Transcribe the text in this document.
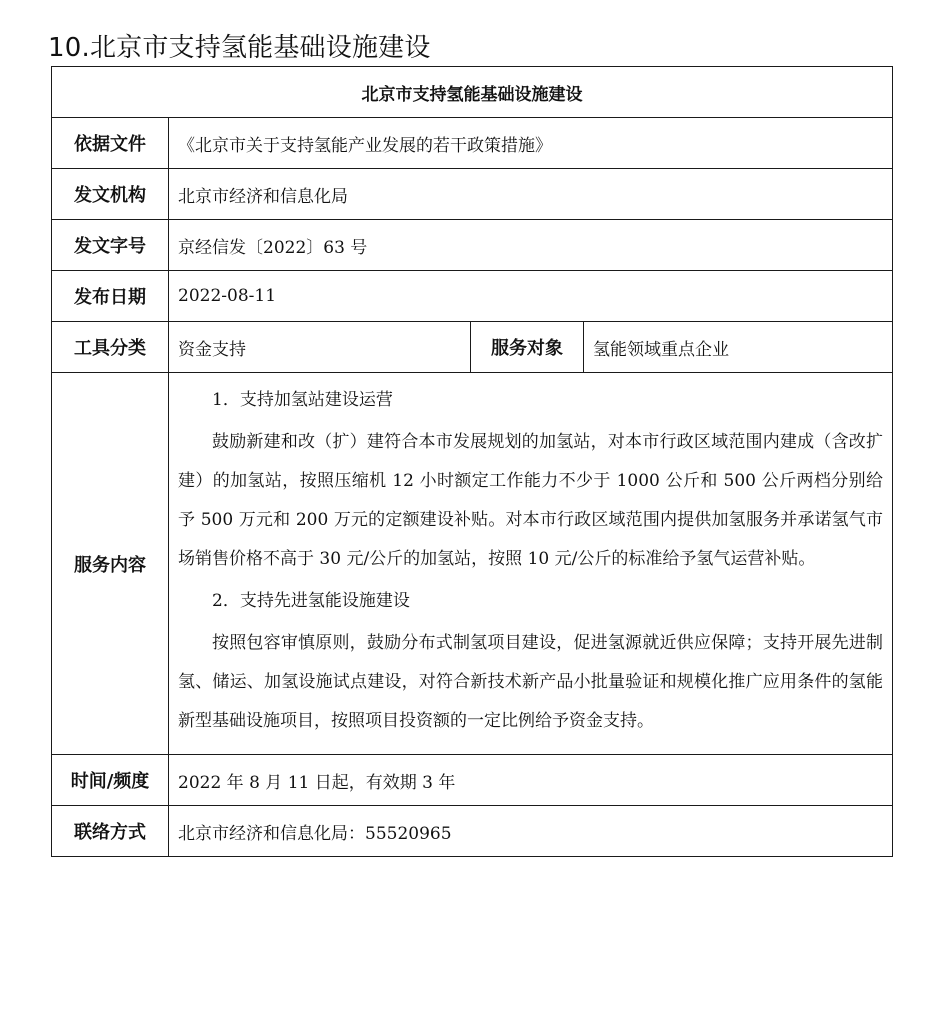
10.北京市支持氢能基础设施建设
北京市支持氢能基础设施建设			
依据文件	《北京市关于支持氢能产业发展的若干政策措施》		
发文机构	北京市经济和信息化局		
发文字号	京经信发〔2022〕63 号		
发布日期	2022-08-11		
工具分类	资金支持	服务对象	氢能领域重点企业
服务内容	1．支持加氢站建设运营

鼓励新建和改（扩）建符合本市发展规划的加氢站，对本市行政区域范围内建成（含改扩建）的加氢站，按照压缩机 12 小时额定工作能力不少于 1000 公斤和 500 公斤两档分别给予 500 万元和 200 万元的定额建设补贴。对本市行政区域范围内提供加氢服务并承诺氢气市场销售价格不高于 30 元/公斤的加氢站，按照 10 元/公斤的标准给予氢气运营补贴。

2．支持先进氢能设施建设

按照包容审慎原则，鼓励分布式制氢项目建设，促进氢源就近供应保障；支持开展先进制氢、储运、加氢设施试点建设，对符合新技术新产品小批量验证和规模化推广应用条件的氢能新型基础设施项目，按照项目投资额的一定比例给予资金支持。		

时间/频度	2022 年 8 月 11 日起，有效期 3 年		
联络方式	北京市经济和信息化局：55520965		
